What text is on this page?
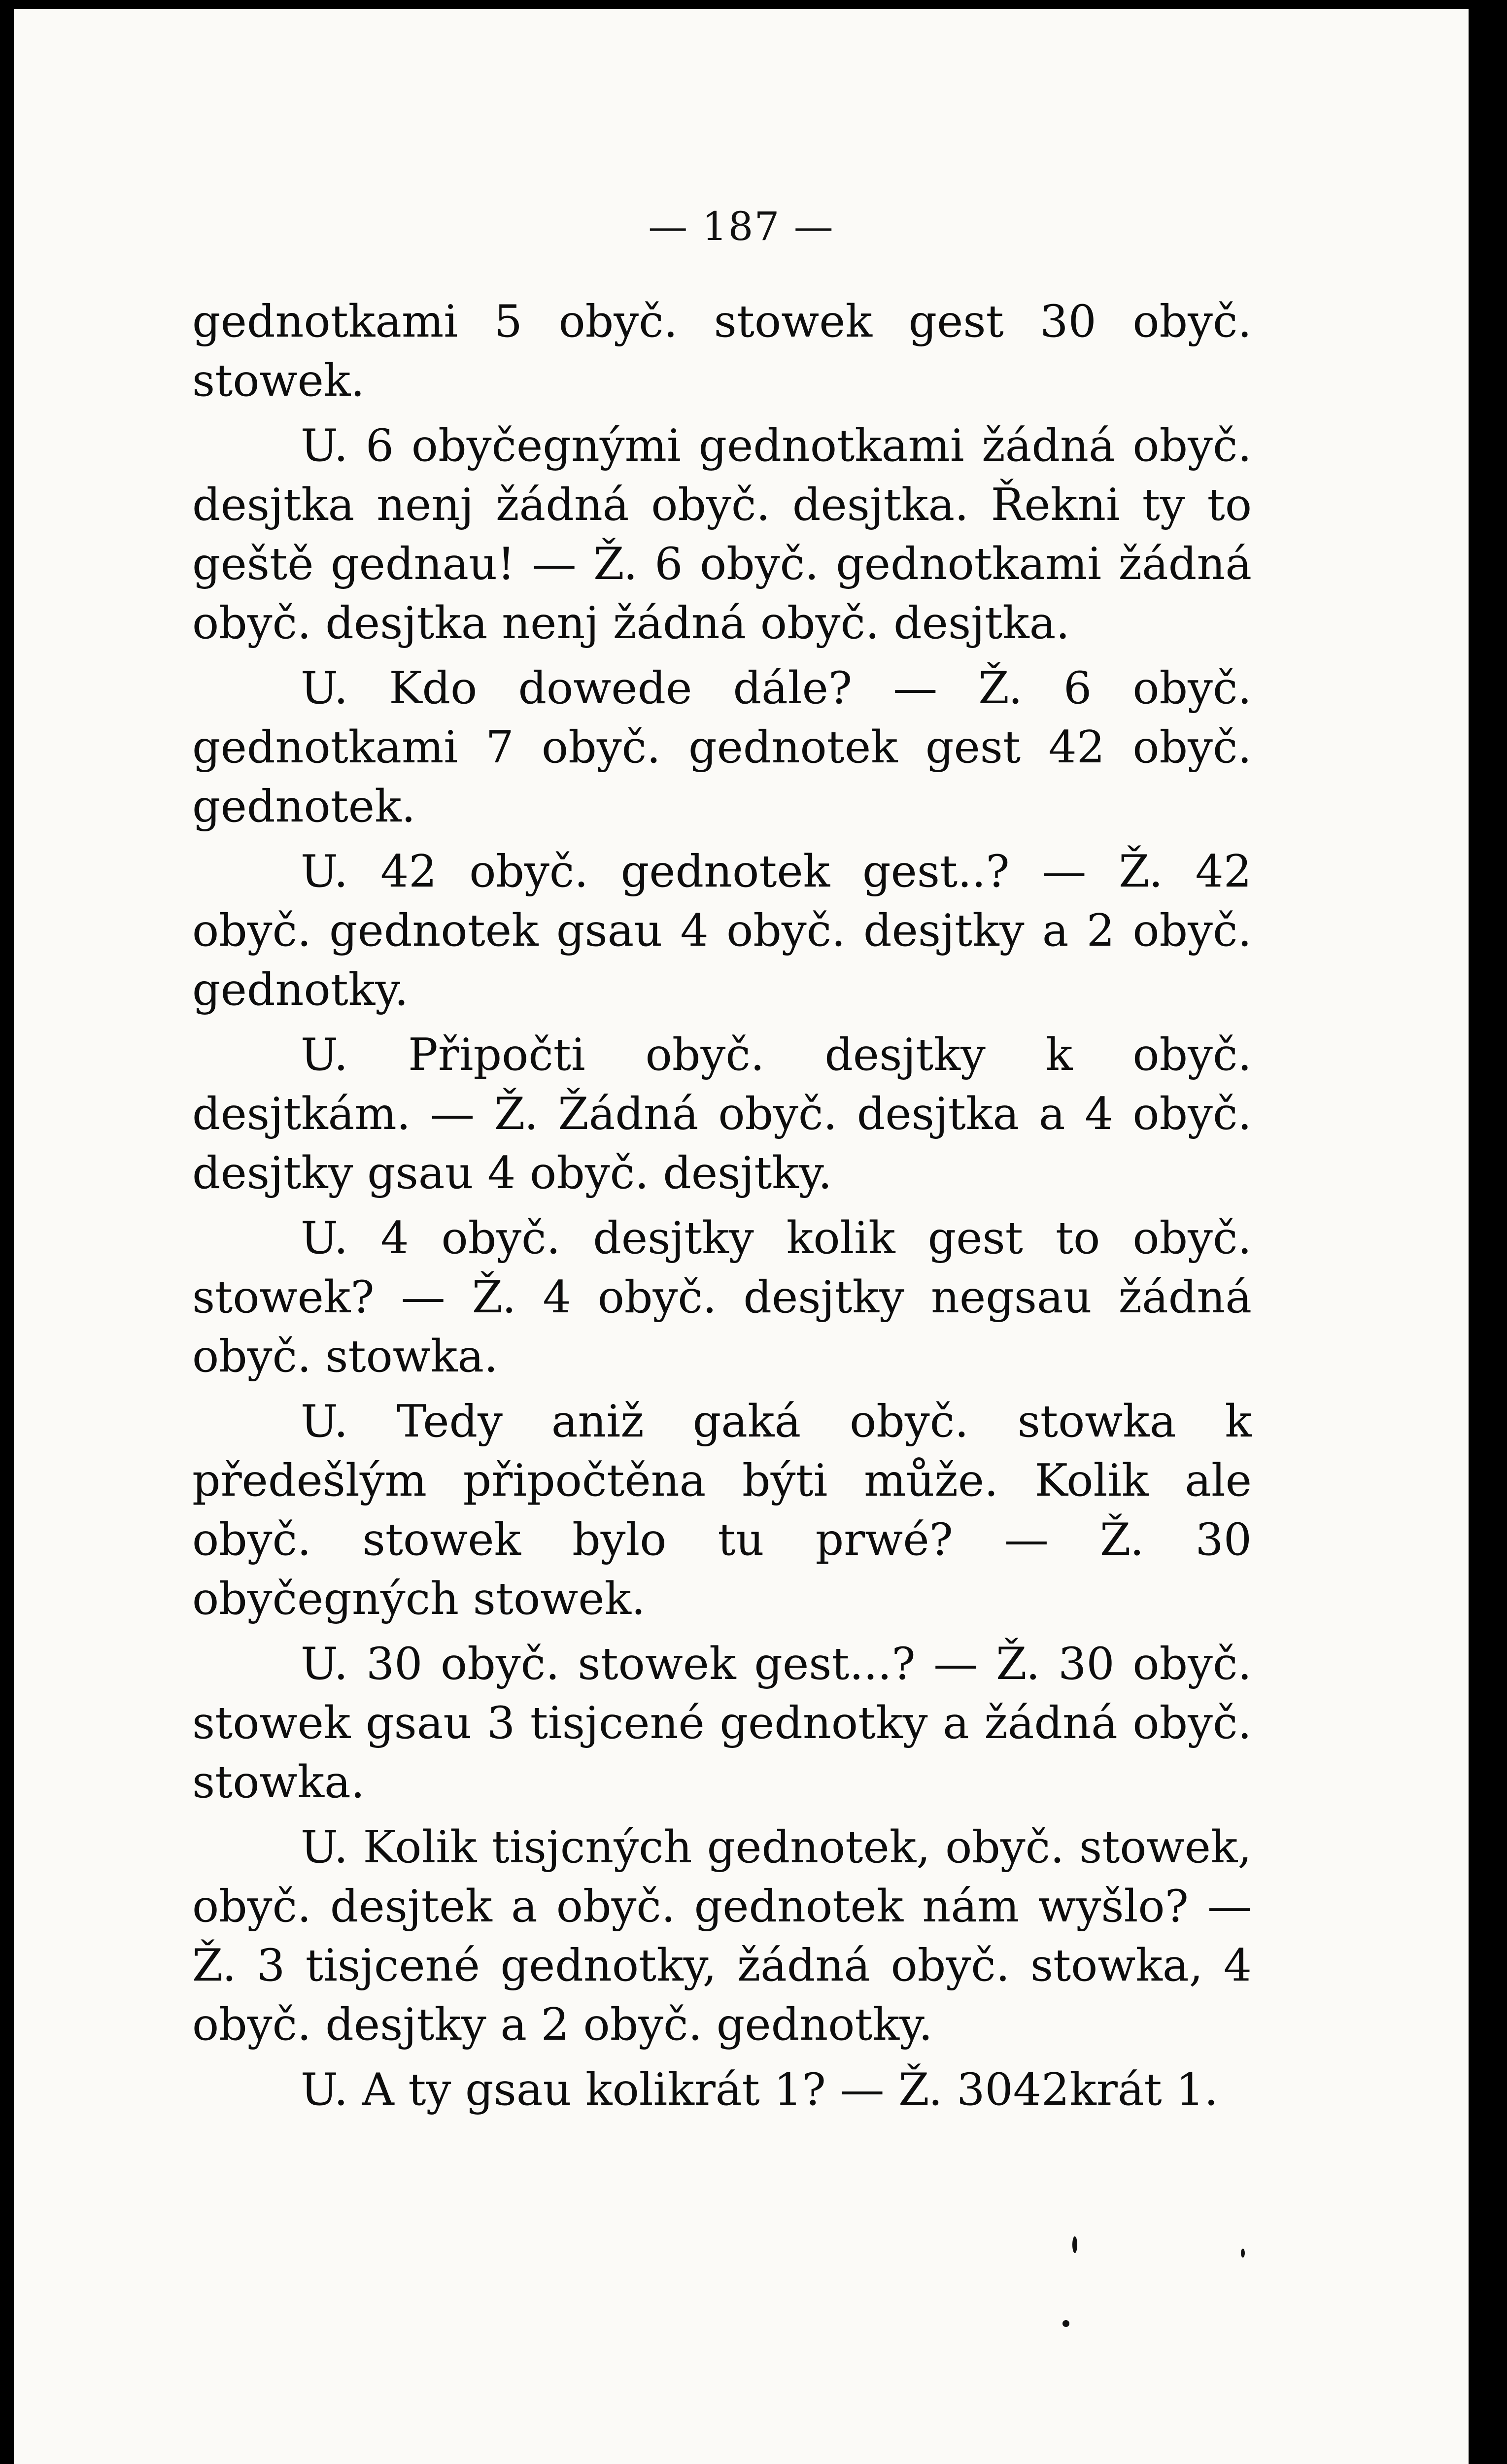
— 187 —

gednotkami 5 obyč. stowek gest 30 obyč. stowek.

U. 6 obyčegnými gednotkami žádná obyč. desjtka nenj žádná obyč. desjtka. Řekni ty to geště gednau! — Ž. 6 obyč. gednotkami žádná obyč. desjtka nenj žádná obyč. desjtka.

U. Kdo dowede dále? — Ž. 6 obyč. gednotkami 7 obyč. gednotek gest 42 obyč. gednotek.

U. 42 obyč. gednotek gest..? — Ž. 42 obyč. gednotek gsau 4 obyč. desjtky a 2 obyč. gednotky.

U. Připočti obyč. desjtky k obyč. desjtkám. — Ž. Žádná obyč. desjtka a 4 obyč. desjtky gsau 4 obyč. desjtky.

U. 4 obyč. desjtky kolik gest to obyč. stowek? — Ž. 4 obyč. desjtky negsau žádná obyč. stowka.

U. Tedy aniž gaká obyč. stowka k předešlým připočtěna býti může. Kolik ale obyč. stowek bylo tu prwé? — Ž. 30 obyčegných stowek.

U. 30 obyč. stowek gest...? — Ž. 30 obyč. stowek gsau 3 tisjcené gednotky a žádná obyč. stowka.

U. Kolik tisjcných gednotek, obyč. stowek, obyč. desjtek a obyč. gednotek nám wyšlo? — Ž. 3 tisjcené gednotky, žádná obyč. stowka, 4 obyč. desjtky a 2 obyč. gednotky.

U. A ty gsau kolikrát 1? — Ž. 3042krát 1.
